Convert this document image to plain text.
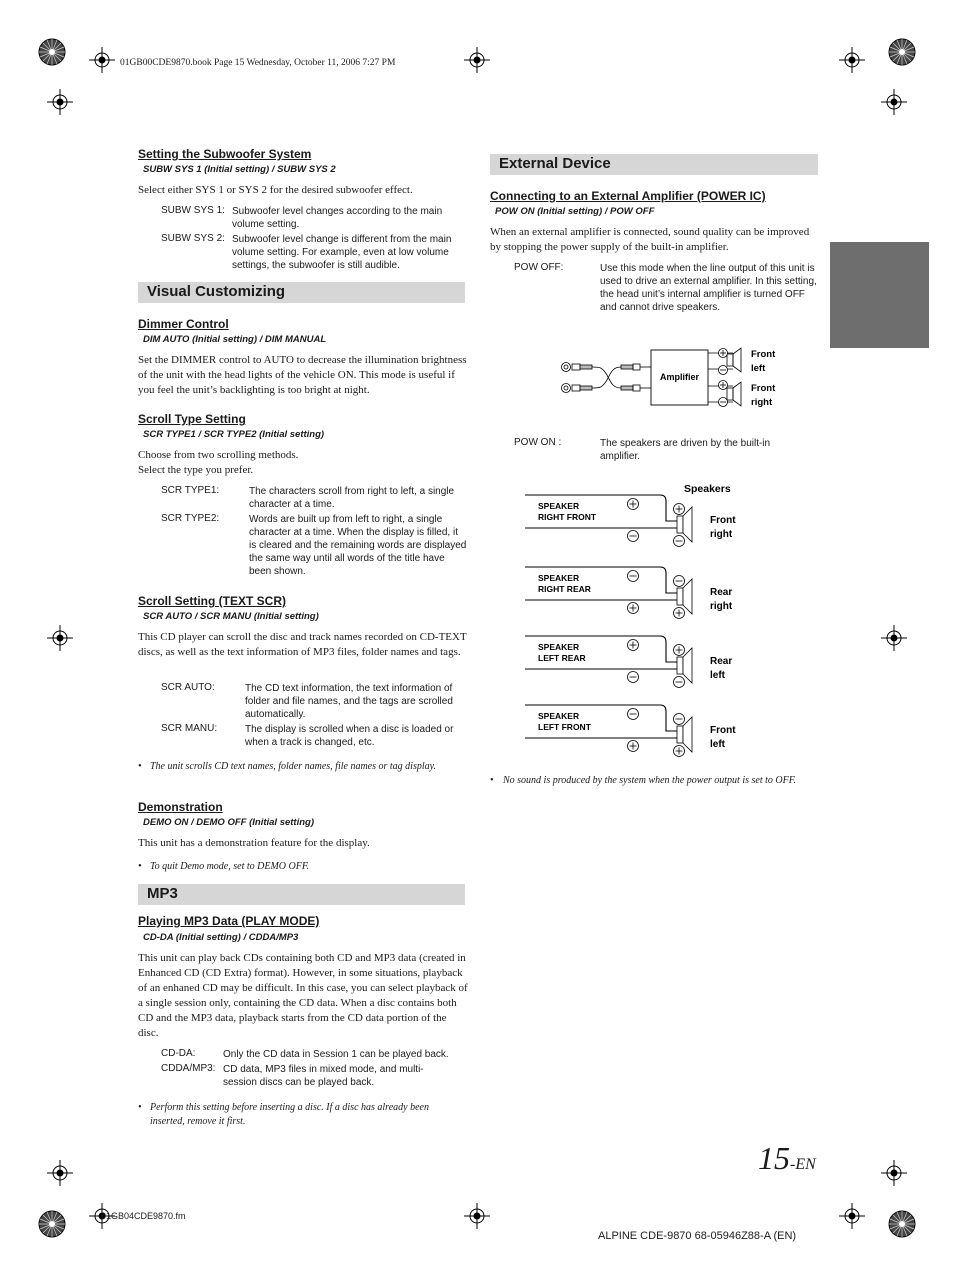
01GB00CDE9870.book Page 15 Wednesday, October 11, 2006 7:27 PM
Setting the Subwoofer System
SUBW SYS 1 (Initial setting) / SUBW SYS 2
Select either SYS 1 or SYS 2 for the desired subwoofer effect.
SUBW SYS 1: Subwoofer level changes according to the main volume setting.
SUBW SYS 2: Subwoofer level change is different from the main volume setting. For example, even at low volume settings, the subwoofer is still audible.
Visual Customizing
Dimmer Control
DIM AUTO (Initial setting) / DIM MANUAL
Set the DIMMER control to AUTO to decrease the illumination brightness of the unit with the head lights of the vehicle ON. This mode is useful if you feel the unit’s backlighting is too bright at night.
Scroll Type Setting
SCR TYPE1 / SCR TYPE2 (Initial setting)
Choose from two scrolling methods.
Select the type you prefer.
SCR TYPE1:	The characters scroll from right to left, a single character at a time.
SCR TYPE2:	Words are built up from left to right, a single character at a time. When the display is filled, it is cleared and the remaining words are displayed the same way until all words of the title have been shown.
Scroll Setting (TEXT SCR)
SCR AUTO / SCR MANU (Initial setting)
This CD player can scroll the disc and track names recorded on CD-TEXT discs, as well as the text information of MP3 files, folder names and tags.
SCR AUTO:	The CD text information, the text information of folder and file names, and the tags are scrolled automatically.
SCR MANU:	The display is scrolled when a disc is loaded or when a track is changed, etc.
• The unit scrolls CD text names, folder names, file names or tag display.
Demonstration
DEMO ON / DEMO OFF (Initial setting)
This unit has a demonstration feature for the display.
• To quit Demo mode, set to DEMO OFF.
MP3
Playing MP3 Data (PLAY MODE)
CD-DA (Initial setting) / CDDA/MP3
This unit can play back CDs containing both CD and MP3 data (created in Enhanced CD (CD Extra) format). However, in some situations, playback of an enhaned CD may be difficult. In this case, you can select playback of a single session only, containing the CD data. When a disc contains both CD and the MP3 data, playback starts from the CD data portion of the disc.
CD-DA:	Only the CD data in Session 1 can be played back.
CDDA/MP3: CD data, MP3 files in mixed mode, and multi-session discs can be played back.
• Perform this setting before inserting a disc. If a disc has already been inserted, remove it first.
External Device
Connecting to an External Amplifier (POWER IC)
POW ON (Initial setting) / POW OFF
When an external amplifier is connected, sound quality can be improved by stopping the power supply of the built-in amplifier.
POW OFF:	Use this mode when the line output of this unit is used to drive an external amplifier. In this setting, the head unit’s internal amplifier is turned OFF and cannot drive speakers.
Amplifier
Front
left
Front
right
POW ON :	The speakers are driven by the built-in amplifier.
Speakers
SPEAKER
RIGHT FRONT	Front
right
SPEAKER
RIGHT REAR	Rear
right
SPEAKER
LEFT REAR	Rear
left
SPEAKER
LEFT FRONT	Front
left
• No sound is produced by the system when the power output is set to OFF.
15-EN
01GB04CDE9870.fm
ALPINE CDE-9870 68-05946Z88-A (EN)
